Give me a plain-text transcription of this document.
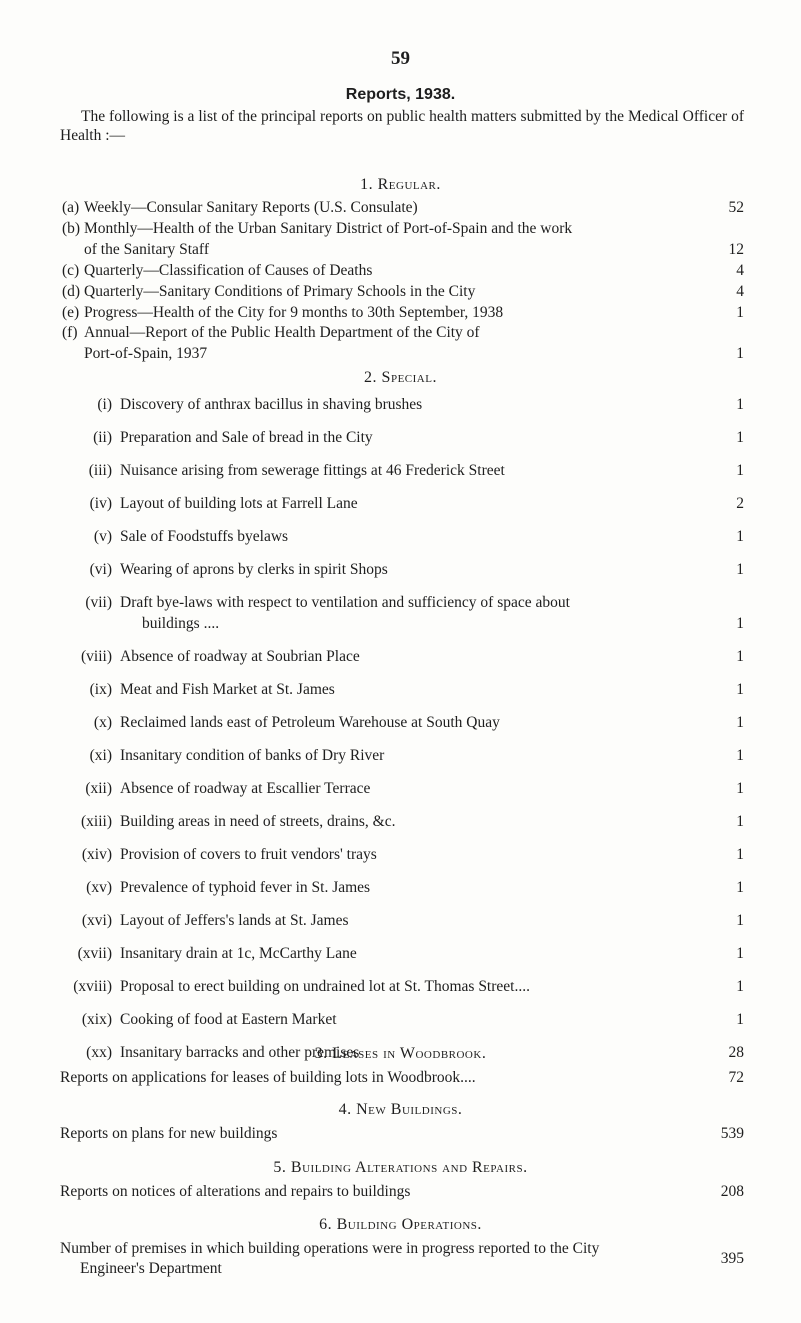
59
Reports, 1938.
The following is a list of the principal reports on public health matters submitted by the Medical Officer of Health :—
1. Regular.
(a) Weekly—Consular Sanitary Reports (U.S. Consulate)	52
(b) Monthly—Health of the Urban Sanitary District of Port-of-Spain and the work
of the Sanitary Staff	12
(c) Quarterly—Classification of Causes of Deaths	4
(d) Quarterly—Sanitary Conditions of Primary Schools in the City	4
(e) Progress—Health of the City for 9 months to 30th September, 1938	1
(f) Annual—Report of the Public Health Department of the City of
Port-of-Spain, 1937	1
2. Special.
(i) Discovery of anthrax bacillus in shaving brushes	1
(ii) Preparation and Sale of bread in the City	1
(iii) Nuisance arising from sewerage fittings at 46 Frederick Street	1
(iv) Layout of building lots at Farrell Lane	2
(v) Sale of Foodstuffs byelaws	1
(vi) Wearing of aprons by clerks in spirit Shops	1
(vii) Draft bye-laws with respect to ventilation and sufficiency of space about
buildings ....	1
(viii) Absence of roadway at Soubrian Place	1
(ix) Meat and Fish Market at St. James	1
(x) Reclaimed lands east of Petroleum Warehouse at South Quay	1
(xi) Insanitary condition of banks of Dry River	1
(xii) Absence of roadway at Escallier Terrace	1
(xiii) Building areas in need of streets, drains, &c.	1
(xiv) Provision of covers to fruit vendors' trays	1
(xv) Prevalence of typhoid fever in St. James	1
(xvi) Layout of Jeffers's lands at St. James	1
(xvii) Insanitary drain at 1c, McCarthy Lane	1
(xviii) Proposal to erect building on undrained lot at St. Thomas Street....	1
(xix) Cooking of food at Eastern Market	1
(xx) Insanitary barracks and other premises	28
3. Leases in Woodbrook.
Reports on applications for leases of building lots in Woodbrook....	72
4. New Buildings.
Reports on plans for new buildings	539
5. Building Alterations and Repairs.
Reports on notices of alterations and repairs to buildings	208
6. Building Operations.
Number of premises in which building operations were in progress reported to the City
Engineer's Department
395
